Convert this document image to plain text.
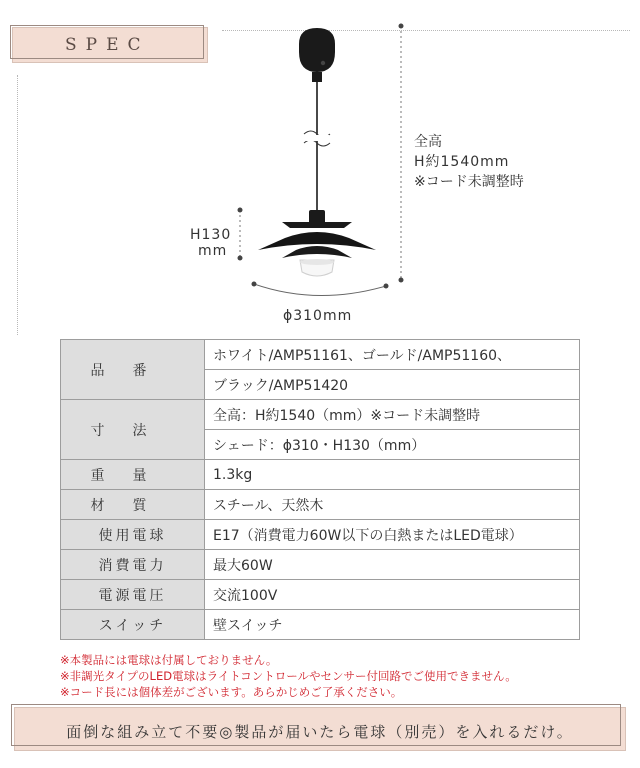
SPEC
全高
H約1540mm
※コード未調整時
H130
mm
ϕ310mm
品番	ホワイト/AMP51161、ゴールド/AMP51160、
	ブラック/AMP51420
寸法	全高：H約1540（mm）※コード未調整時
	シェード：ϕ310・H130（mm）
重量	1.3kg
材質	スチール、天然木
使用電球	E17（消費電力60W以下の白熱またはLED電球）
消費電力	最大60W
電源電圧	交流100V
スイッチ	壁スイッチ
※本製品には電球は付属しておりません。
※非調光タイプのLED電球はライトコントロールやセンサー付回路でご使用できません。
※コード長には個体差がございます。あらかじめご了承ください。
面倒な組み立て不要◎製品が届いたら電球（別売）を入れるだけ。
